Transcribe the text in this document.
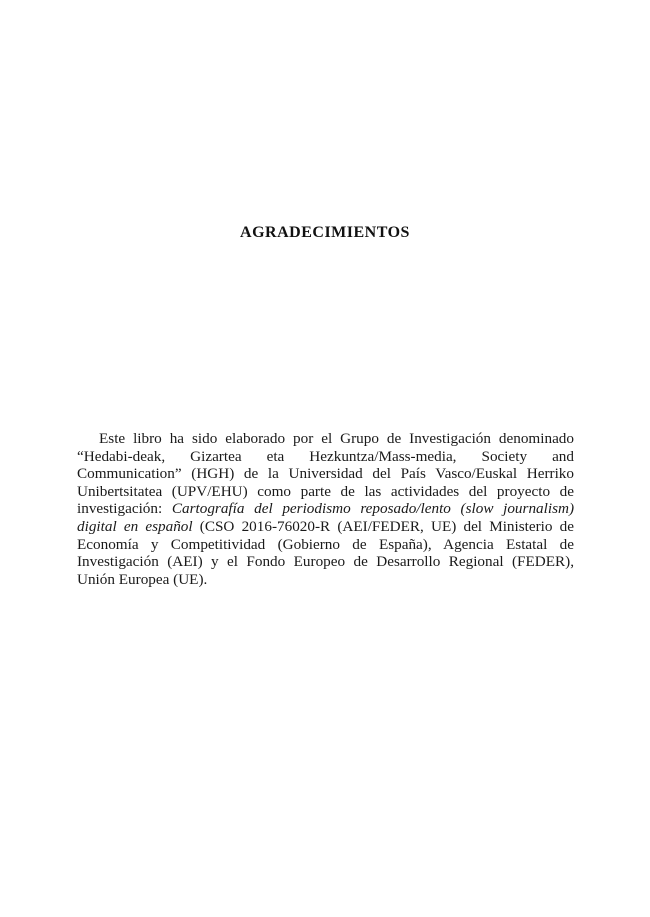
AGRADECIMIENTOS

Este libro ha sido elaborado por el Grupo de Investigación denominado “Hedabi-deak, Gizartea eta Hezkuntza/Mass-media, Society and Communication” (HGH) de la Universidad del País Vasco/Euskal Herriko Unibertsitatea (UPV/EHU) como parte de las actividades del proyecto de investigación: Cartografía del periodismo reposado/lento (slow journalism) digital en español (CSO 2016-76020-R (AEI/FEDER, UE) del Ministerio de Economía y Competitividad (Gobierno de España), Agencia Estatal de Investigación (AEI) y el Fondo Europeo de Desarrollo Regional (FEDER), Unión Europea (UE).
